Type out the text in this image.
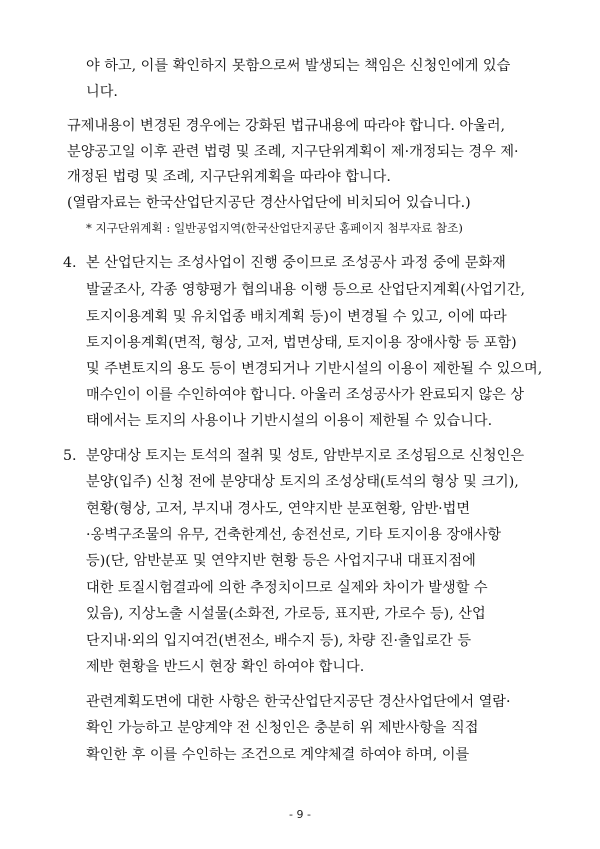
야 하고, 이를 확인하지 못함으로써 발생되는 책임은 신청인에게 있습
니다.
규제내용이 변경된 경우에는 강화된 법규내용에 따라야 합니다. 아울러,
분양공고일 이후 관련 법령 및 조례, 지구단위계획이 제·개정되는 경우 제·
개정된 법령 및 조례, 지구단위계획을 따라야 합니다.
(열람자료는 한국산업단지공단 경산사업단에 비치되어 있습니다.)
* 지구단위계획 : 일반공업지역(한국산업단지공단 홈페이지 첨부자료 참조)
4. 본 산업단지는 조성사업이 진행 중이므로 조성공사 과정 중에 문화재
발굴조사, 각종 영향평가 협의내용 이행 등으로 산업단지계획(사업기간,
토지이용계획 및 유치업종 배치계획 등)이 변경될 수 있고, 이에 따라
토지이용계획(면적, 형상, 고저, 법면상태, 토지이용 장애사항 등 포함)
및 주변토지의 용도 등이 변경되거나 기반시설의 이용이 제한될 수 있으며,
매수인이 이를 수인하여야 합니다. 아울러 조성공사가 완료되지 않은 상
태에서는 토지의 사용이나 기반시설의 이용이 제한될 수 있습니다.
5. 분양대상 토지는 토석의 절취 및 성토, 암반부지로 조성됨으로 신청인은
분양(입주) 신청 전에 분양대상 토지의 조성상태(토석의 형상 및 크기),
현황(형상, 고저, 부지내 경사도, 연약지반 분포현황, 암반·법면
·옹벽구조물의 유무, 건축한계선, 송전선로, 기타 토지이용 장애사항
등)(단, 암반분포 및 연약지반 현황 등은 사업지구내 대표지점에
대한 토질시험결과에 의한 추정치이므로 실제와 차이가 발생할 수
있음), 지상노출 시설물(소화전, 가로등, 표지판, 가로수 등), 산업
단지내·외의 입지여건(변전소, 배수지 등), 차량 진·출입로간 등
제반 현황을 반드시 현장 확인 하여야 합니다.
관련계획도면에 대한 사항은 한국산업단지공단 경산사업단에서 열람·
확인 가능하고 분양계약 전 신청인은 충분히 위 제반사항을 직접
확인한 후 이를 수인하는 조건으로 계약체결 하여야 하며, 이를
- 9 -
